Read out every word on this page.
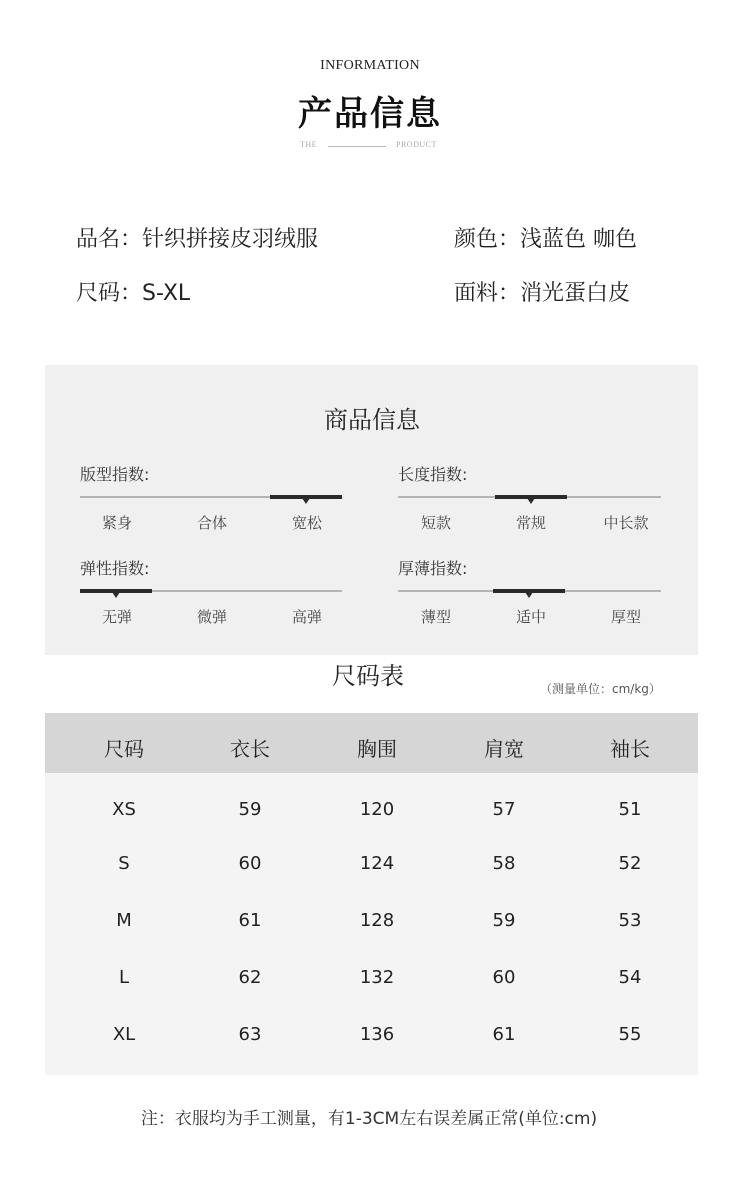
INFORMATION
产品信息
THE	PRODUCT
品名：针织拼接皮羽绒服	颜色：浅蓝色 咖色
尺码：S-XL	面料：消光蛋白皮
商品信息
版型指数:
紧身	合体	宽松
长度指数:
短款	常规	中长款
弹性指数:
无弹	微弹	高弹
厚薄指数:
薄型	适中	厚型
尺码表	（测量单位：cm/kg）
尺码	衣长	胸围	肩宽	袖长
XS	59	120	57	51
S	60	124	58	52
M	61	128	59	53
L	62	132	60	54
XL	63	136	61	55
注：衣服均为手工测量，有1-3CM左右误差属正常(单位:cm)
